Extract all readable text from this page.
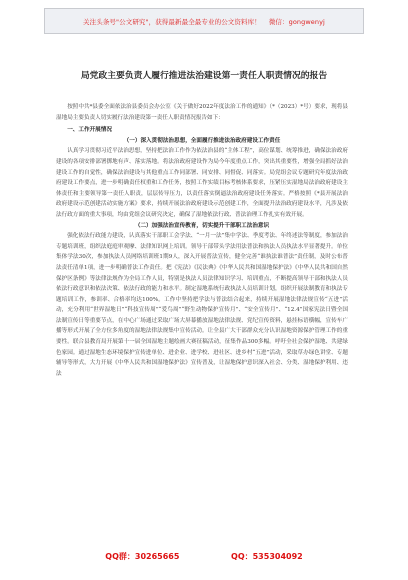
关注头条号"公文研究"，获得最新最全最专业的公文资料库！ 微信：gongwenyj
局党政主要负责人履行推进法治建设第一责任人职责情况的报告

按照中共*县委全面依法治县委员会办公室《关于做好2022年度法治工作的通知》（*（2023）*号）要求，现将县湿地局主要负责人切实履行法治建设第一责任人职责情况报告如下：

一、工作开展情况

（一）深入贯彻法治思想，全面履行推进法治政府建设工作责任

认真学习贯彻习近平法治思想，坚持把法治工作作为依法治县的“主体工程”，高位谋划、统筹推进，确保法治政府建设的各项安排部署掷地有声、落实落地。将法治政府建设作为局今年度重点工作，突出其重要性，增强全局抓好法治建设工作的自觉性，确保法治建设与其他重点工作同部署、同安排、同督促、同落实。局党组会议专题研究年度法治政府建设工作要点，进一步明确责任权重和工作任务，按照工作实绩目标考核体系要求，压紧压实湿地局法治政府建设主体责任和主要领导第一责任人职责，层层传导压力，以责任落实倒逼法治政府建设任务落实。严格按照《*县开展法治政府建设示范创建活动实施方案》要求，持续开展法治政府建设示范创建工作，全面提升法治政府建设水平，凡涉及依法行政方面的重大事项，均由党组会议研究决定，确保了湿地依法行政、普法治理工作扎实有效开展。

（二）加强法治宣传教育，切实提升干部职工法治意识

强化依法行政能力建设，认真落实干部职工会学法、“一月一法”集中学法、季度考法、年终述法等制度，参加法治专题培训班，组织法庭庭审观摩、法律知识网上培训。领导干部带头学法用法普法和执法人员执法水平显著提升。单位集体学法30次，参加执法人员网络培训班1期9人，深入开展普法宣传，健全完善“谁执法谁普法”责任制，及时公布普法责任清单1项，进一步明确普法工作责任。把《宪法》《民法典》《中华人民共和国湿地保护法》《中华人民共和国自然保护区条例》等法律法规作为全局工作人员，特别是执法人员法律知识学习、培训重点，不断提高领导干部和执法人员依法行政意识和依法决策、依法行政的能力和水平。制定湿地系统行政执法人员培训计划，组织开展法制教育和执法专题培训工作，参训率、合格率均达100%。工作中坚持把学法与普法结合起来，持续开展湿地法律法规宣传“五进”活动，充分利用“世界湿地日”“科技宣传周”“爱鸟周”“野生动物保护宣传月”、“安全宣传月”、“12.4”国家宪法日暨全国法制宣传日等重要节点，在中心广场通过采取广场大屏幕播放湿地法律法规、党纪宣传资料，悬挂标语横幅，宣传车广播等形式开展了全方位多角度的湿地法律法规集中宣传活动。让全县广大干部群众充分认识湿地资源保护管理工作的重要性。联合县教育局开展第十一届全国湿地主题绘画大赛征稿活动，征集作品300多幅。呼吁全社会保护湿地、共建绿色家园。通过湿地生态环境保护宣传进单位、进企业、进学校、进社区、进乡村“五进”活动，采取草办绿色讲堂、专题辅导等形式，大力开展《中华人民共和国湿地保护法》宣传普及，让湿地保护意识深入社会、分类、湿地保护利用、违法

QQ群：30265665	QQ：535304092
